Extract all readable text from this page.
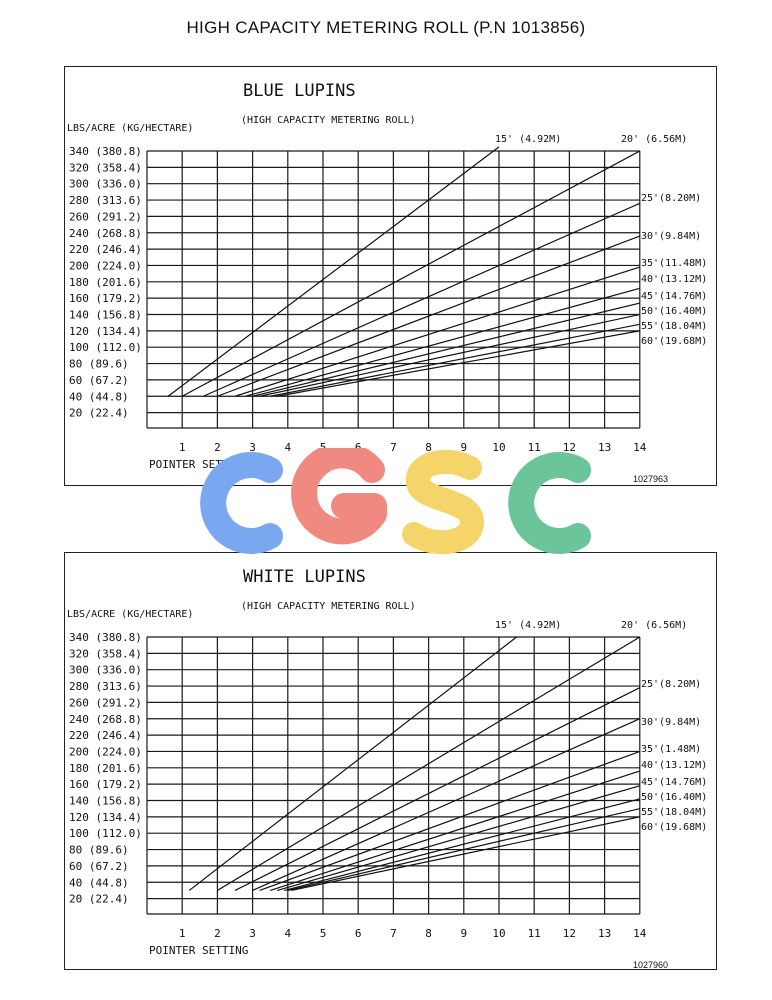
HIGH CAPACITY METERING ROLL (P.N 1013856)
BLUE LUPINS
(HIGH CAPACITY METERING ROLL)
LBS/ACRE (KG/HECTARE)
340 (380.8)
320 (358.4)
300 (336.0)
280 (313.6)
260 (291.2)
240 (268.8)
220 (246.4)
200 (224.0)
180 (201.6)
160 (179.2)
140 (156.8)
120 (134.4)
100 (112.0)
80 (89.6)
60 (67.2)
40 (44.8)
20 (22.4)
1	2	3	4	5	6	7	8	9 10 11 12 13 14
POINTER SETTING
1027963
15' (4.92M)	20' (6.56M)
25'(8.20M)
30'(9.84M)
35'(11.48M)
40'(13.12M)
45'(14.76M)
50'(16.40M)
55'(18.04M)
60'(19.68M)
WHITE LUPINS
(HIGH CAPACITY METERING ROLL)
LBS/ACRE (KG/HECTARE)
340 (380.8)
320 (358.4)
300 (336.0)
280 (313.6)
260 (291.2)
240 (268.8)
220 (246.4)
200 (224.0)
180 (201.6)
160 (179.2)
140 (156.8)
120 (134.4)
100 (112.0)
80 (89.6)
60 (67.2)
40 (44.8)
20 (22.4)
1	2	3	4	5	6	7	8	9 10 11 12 13 14
POINTER SETTING
1027960
15' (4.92M)	20' (6.56M)
25'(8.20M)
30'(9.84M)
35'(1.48M)
40'(13.12M)
45'(14.76M)
50'(16.40M)
55'(18.04M)
60'(19.68M)
